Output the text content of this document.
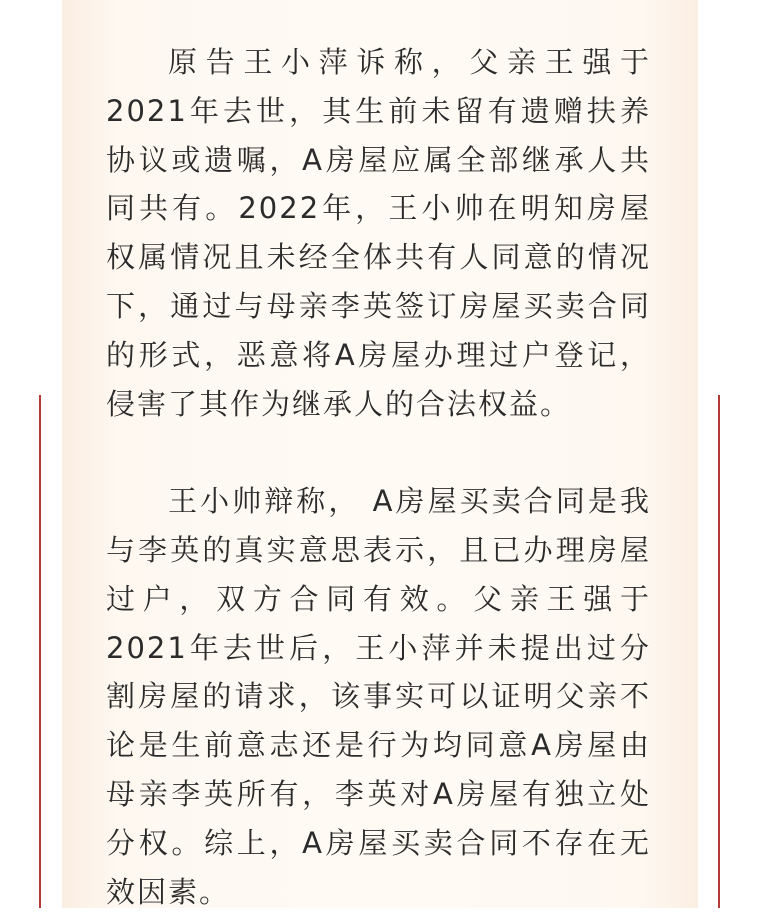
原告王小萍诉称，父亲王强于2021年去世，其生前未留有遗赠扶养协议或遗嘱，A房屋应属全部继承人共同共有。2022年，王小帅在明知房屋权属情况且未经全体共有人同意的情况下，通过与母亲李英签订房屋买卖合同的形式，恶意将A房屋办理过户登记，侵害了其作为继承人的合法权益。

王小帅辩称， A房屋买卖合同是我与李英的真实意思表示，且已办理房屋过户，双方合同有效。父亲王强于2021年去世后，王小萍并未提出过分割房屋的请求，该事实可以证明父亲不论是生前意志还是行为均同意A房屋由母亲李英所有，李英对A房屋有独立处分权。综上，A房屋买卖合同不存在无效因素。
